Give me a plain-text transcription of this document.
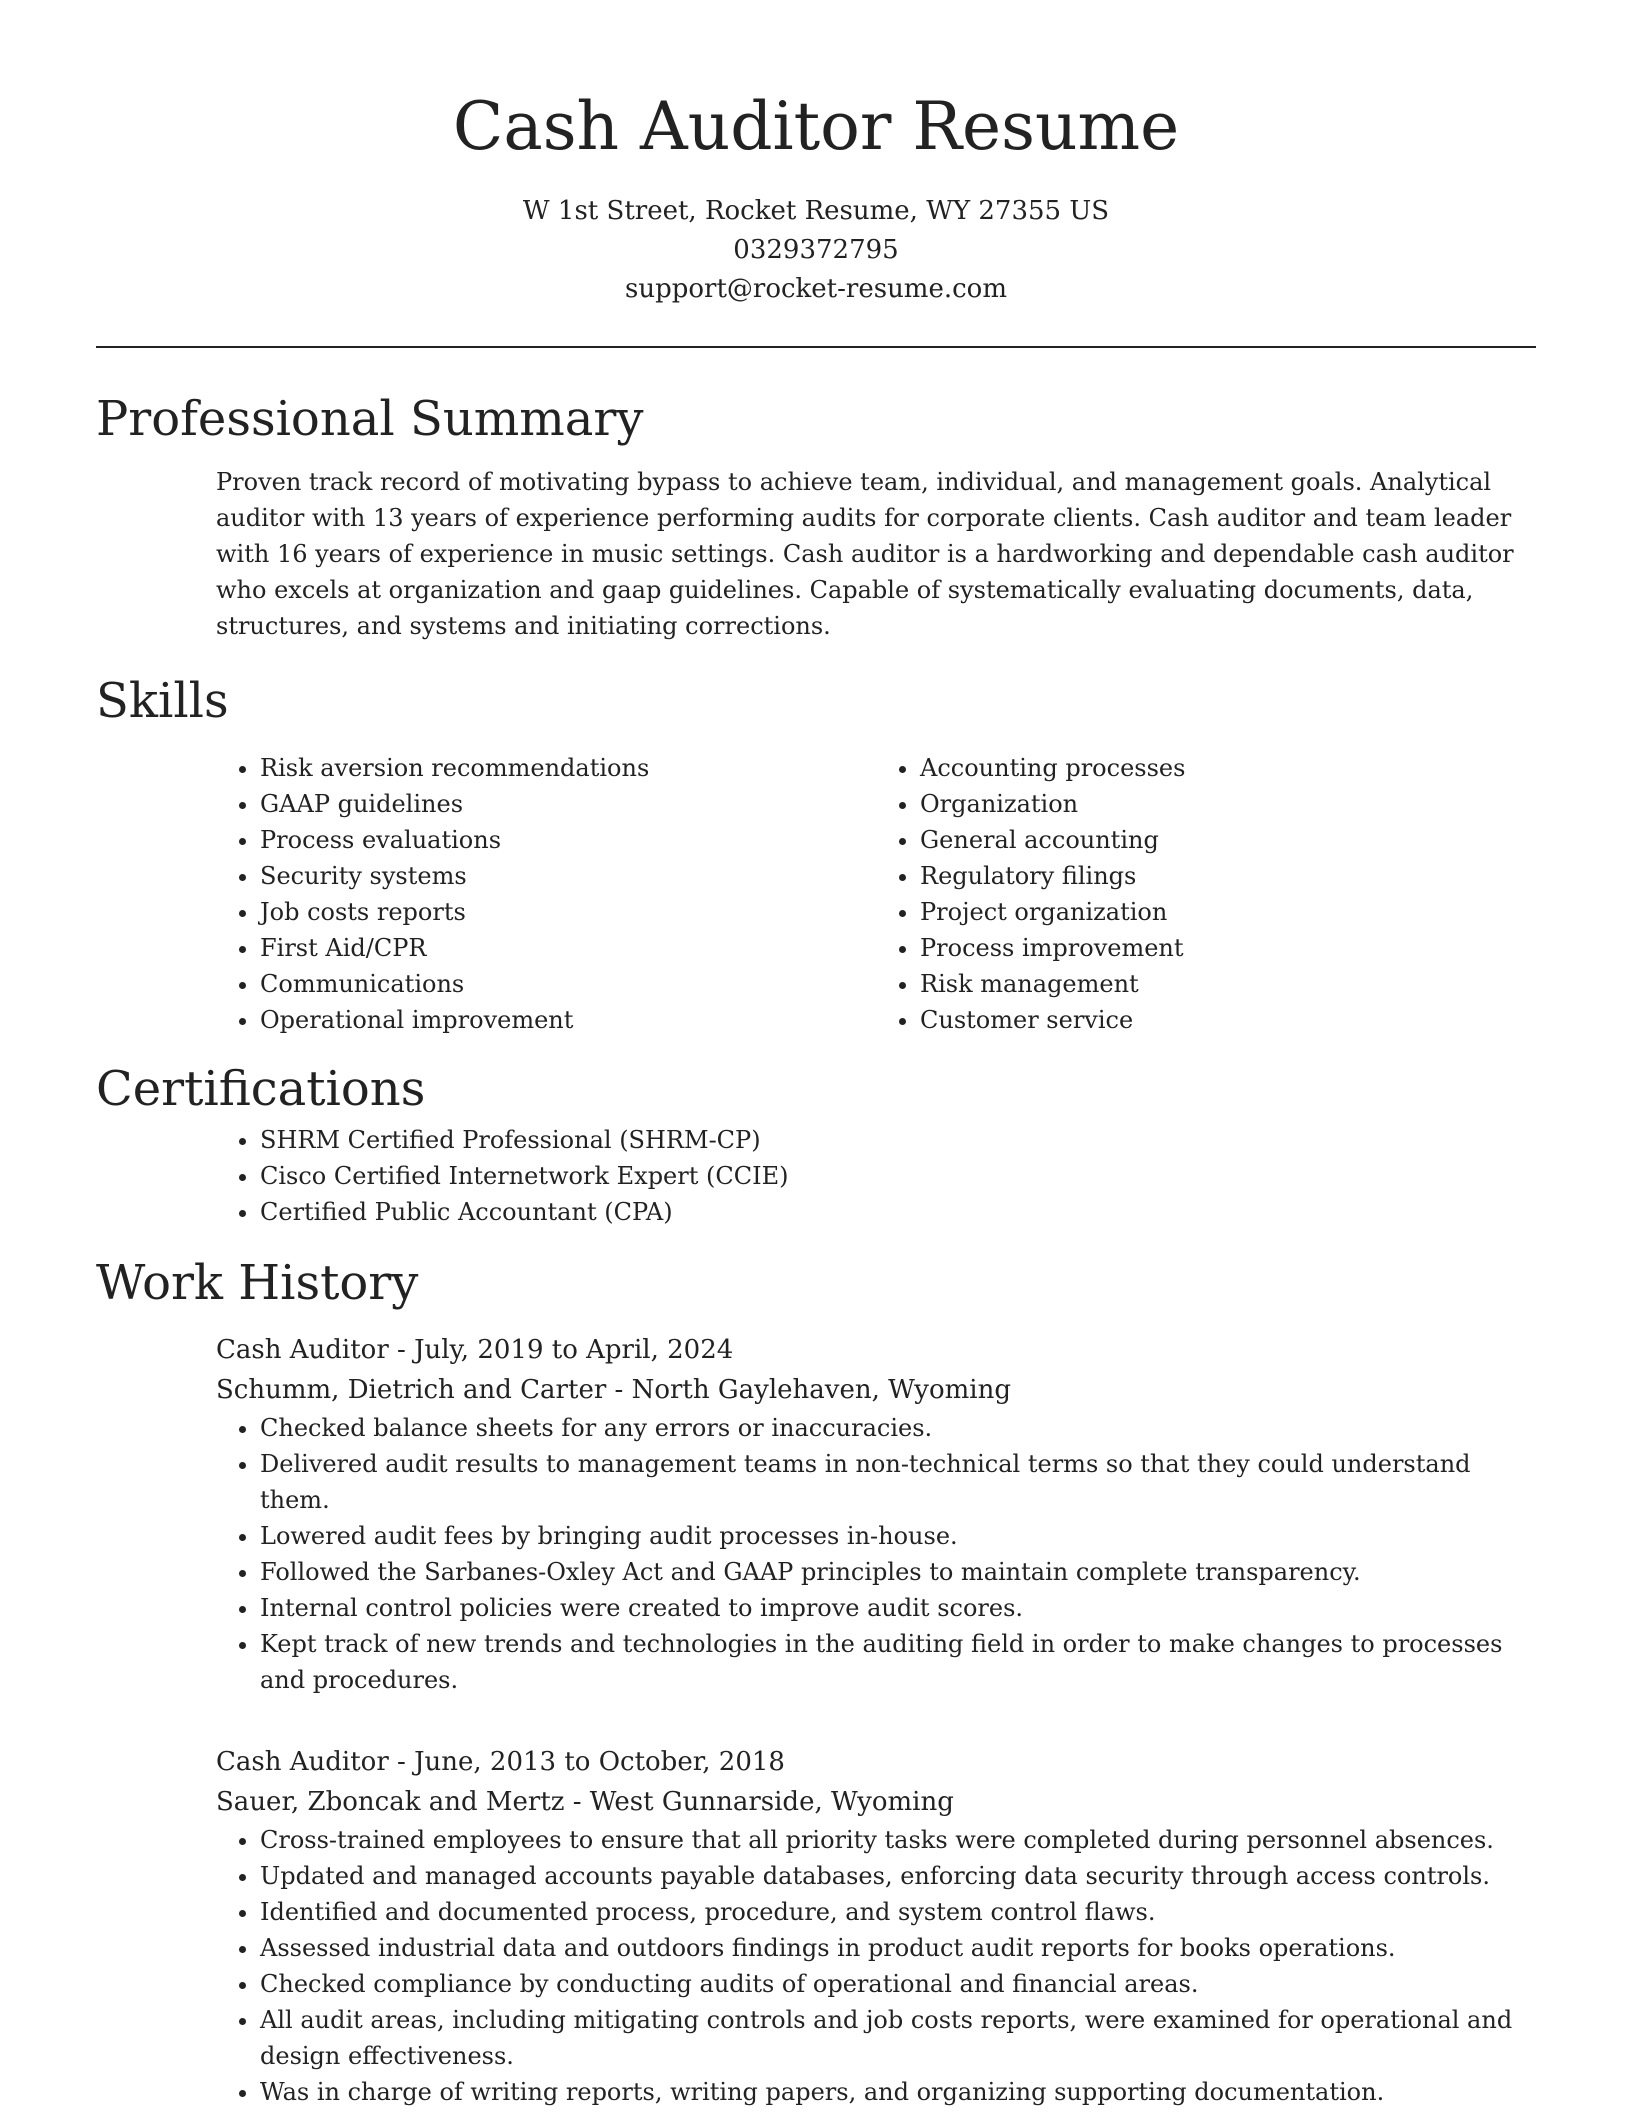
Cash Auditor Resume
W 1st Street, Rocket Resume, WY 27355 US
0329372795
support@rocket-resume.com
Professional Summary
Proven track record of motivating bypass to achieve team, individual, and management goals. Analytical auditor with 13 years of experience performing audits for corporate clients. Cash auditor and team leader with 16 years of experience in music settings. Cash auditor is a hardworking and dependable cash auditor who excels at organization and gaap guidelines. Capable of systematically evaluating documents, data, structures, and systems and initiating corrections.
Skills
• Risk aversion recommendations
• GAAP guidelines
• Process evaluations
• Security systems
• Job costs reports
• First Aid/CPR
• Communications
• Operational improvement
• Accounting processes
• Organization
• General accounting
• Regulatory filings
• Project organization
• Process improvement
• Risk management
• Customer service
Certifications
• SHRM Certified Professional (SHRM-CP)
• Cisco Certified Internetwork Expert (CCIE)
• Certified Public Accountant (CPA)
Work History
Cash Auditor - July, 2019 to April, 2024
Schumm, Dietrich and Carter - North Gaylehaven, Wyoming
• Checked balance sheets for any errors or inaccuracies.
• Delivered audit results to management teams in non-technical terms so that they could understand them.
• Lowered audit fees by bringing audit processes in-house.
• Followed the Sarbanes-Oxley Act and GAAP principles to maintain complete transparency.
• Internal control policies were created to improve audit scores.
• Kept track of new trends and technologies in the auditing field in order to make changes to processes and procedures.
Cash Auditor - June, 2013 to October, 2018
Sauer, Zboncak and Mertz - West Gunnarside, Wyoming
• Cross-trained employees to ensure that all priority tasks were completed during personnel absences.
• Updated and managed accounts payable databases, enforcing data security through access controls.
• Identified and documented process, procedure, and system control flaws.
• Assessed industrial data and outdoors findings in product audit reports for books operations.
• Checked compliance by conducting audits of operational and financial areas.
• All audit areas, including mitigating controls and job costs reports, were examined for operational and design effectiveness.
• Was in charge of writing reports, writing papers, and organizing supporting documentation.
